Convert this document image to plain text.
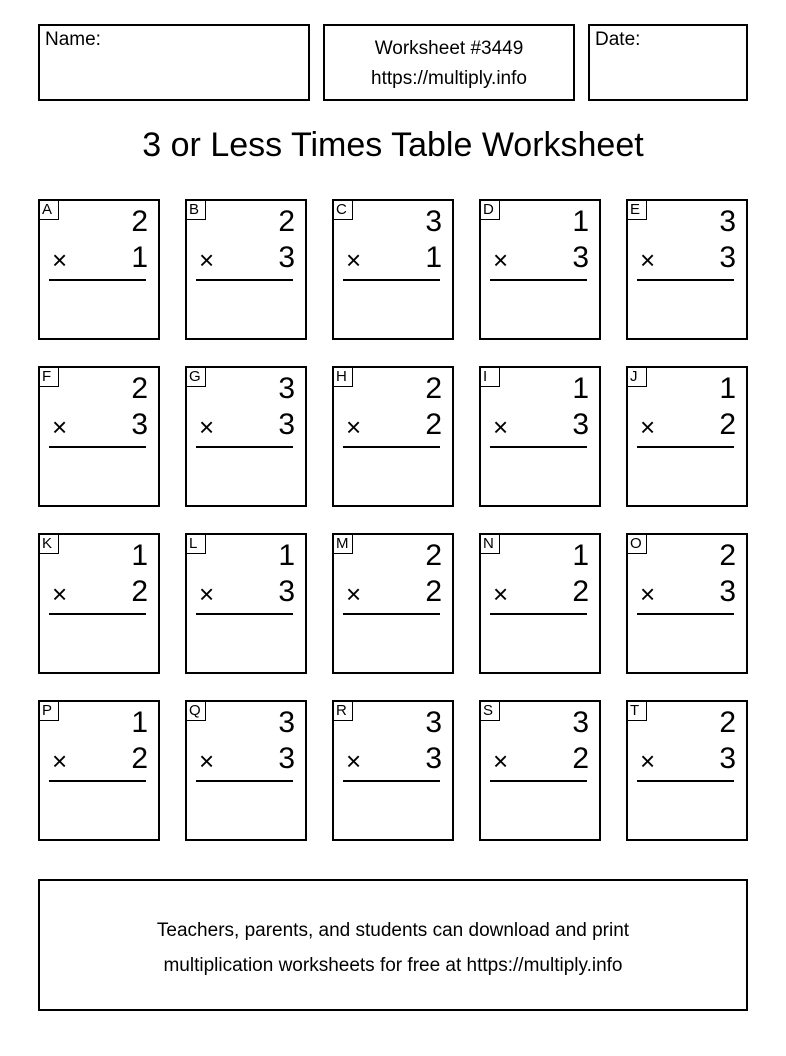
Name:	Worksheet #3449
https://multiply.info
Date:
3 or Less Times Table Worksheet
A	2
× 1
B	2
× 3
C	3
× 1
D	1
× 3
E	3
× 3
F	2
× 3
G	3
× 3
H	2
× 2
I	1
× 3
J	1
× 2
K	1
× 2
L	1
× 3
M	2
× 2
N	1
× 2
O	2
× 3
P	1
× 2
Q	3
× 3
R	3
× 3
S	3
× 2
T	2
× 3
Teachers, parents, and students can download and print
multiplication worksheets for free at https://multiply.info
